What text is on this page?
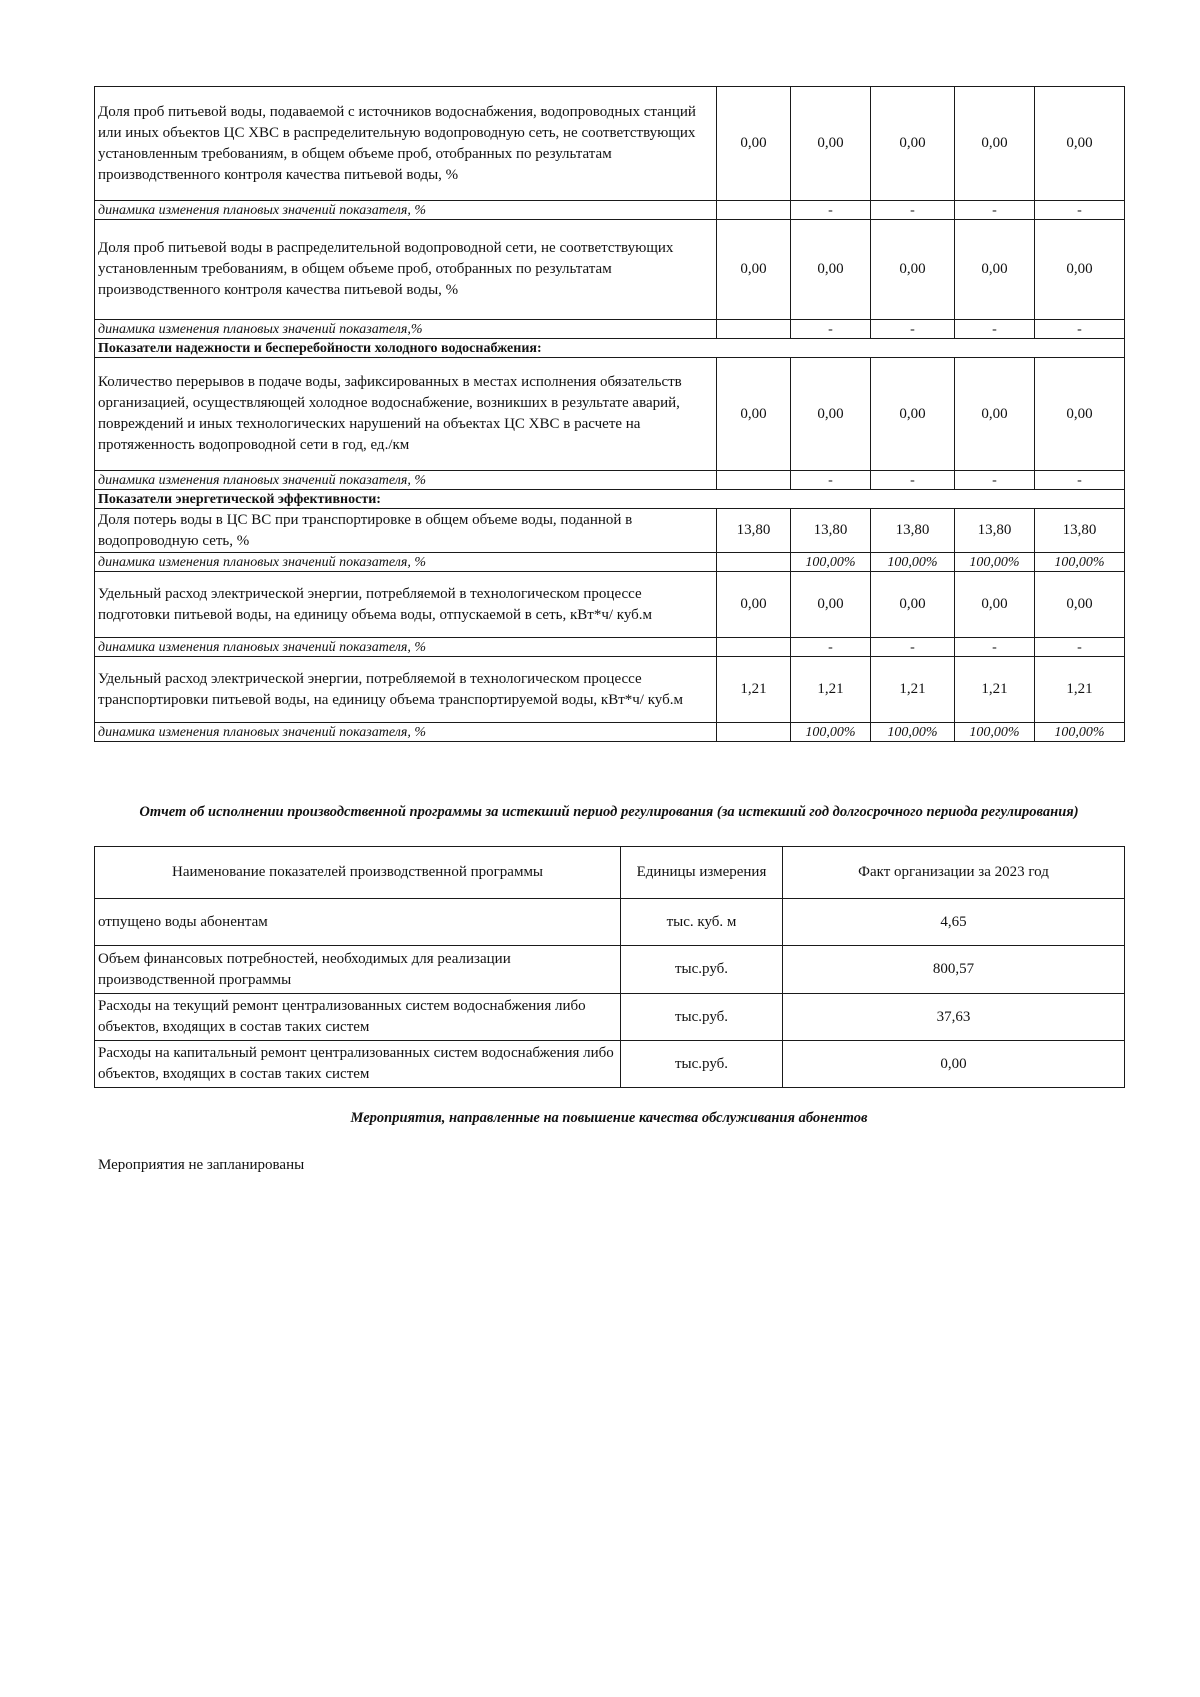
Доля проб питьевой воды, подаваемой с источников водоснабжения, водопроводных станций или иных объектов ЦС ХВС в распределительную водопроводную сеть, не соответствующих установленным требованиям, в общем объеме проб, отобранных по результатам производственного контроля качества питьевой воды, %	0,00	0,00	0,00	0,00	0,00
динамика изменения плановых значений показателя, %		-	-	-	-
Доля проб питьевой воды в распределительной водопроводной сети, не соответствующих установленным требованиям, в общем объеме проб, отобранных по результатам производственного контроля качества питьевой воды, %	0,00	0,00	0,00	0,00	0,00
динамика изменения плановых значений показателя,%		-	-	-	-
Показатели надежности и бесперебойности холодного водоснабжения:					
Количество перерывов в подаче воды, зафиксированных в местах исполнения обязательств организацией, осуществляющей холодное водоснабжение, возникших в результате аварий, повреждений и иных технологических нарушений на объектах ЦС ХВС в расчете на протяженность водопроводной сети в год, ед./км	0,00	0,00	0,00	0,00	0,00
динамика изменения плановых значений показателя, %		-	-	-	-
Показатели энергетической эффективности:					
Доля потерь воды в ЦС ВС при транспортировке в общем объеме воды, поданной в водопроводную сеть, %	13,80	13,80	13,80	13,80	13,80
динамика изменения плановых значений показателя, %		100,00%	100,00%	100,00%	100,00%
Удельный расход электрической энергии, потребляемой в технологическом процессе подготовки питьевой воды, на единицу объема воды, отпускаемой в сеть, кВт*ч/ куб.м	0,00	0,00	0,00	0,00	0,00
динамика изменения плановых значений показателя, %		-	-	-	-
Удельный расход электрической энергии, потребляемой в технологическом процессе транспортировки питьевой воды, на единицу объема транспортируемой воды, кВт*ч/ куб.м	1,21	1,21	1,21	1,21	1,21
динамика изменения плановых значений показателя, %		100,00%	100,00%	100,00%	100,00%
Отчет об исполнении производственной программы за истекший период регулирования (за истекший год долгосрочного периода регулирования)
Наименование показателей производственной программы	Единицы измерения	Факт организации за 2023 год
отпущено воды абонентам	тыс. куб. м	4,65
Объем финансовых потребностей, необходимых для реализации производственной программы	тыс.руб.	800,57
Расходы на текущий ремонт централизованных систем водоснабжения либо объектов, входящих в состав таких систем	тыс.руб.	37,63
Расходы на капитальный ремонт централизованных систем водоснабжения либо объектов, входящих в состав таких систем	тыс.руб.	0,00
Мероприятия, направленные на повышение качества обслуживания абонентов
Мероприятия не запланированы
